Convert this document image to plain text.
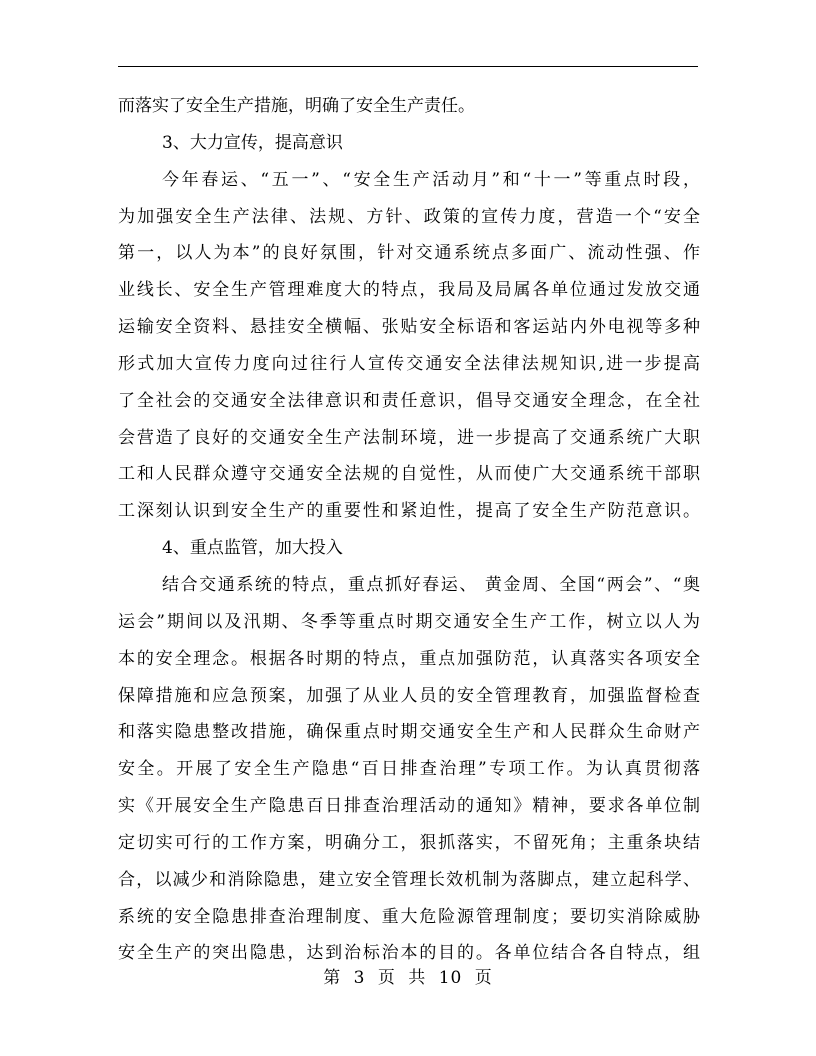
而落实了安全生产措施，明确了安全生产责任。
3、大力宣传，提高意识
今年春运、“五一”、“安全生产活动月”和“十一”等重点时段，
为加强安全生产法律、法规、方针、政策的宣传力度，营造一个“安全
第一，以人为本”的良好氛围，针对交通系统点多面广、流动性强、作
业线长、安全生产管理难度大的特点，我局及局属各单位通过发放交通
运输安全资料、悬挂安全横幅、张贴安全标语和客运站内外电视等多种
形式加大宣传力度向过往行人宣传交通安全法律法规知识,进一步提高
了全社会的交通安全法律意识和责任意识，倡导交通安全理念，在全社
会营造了良好的交通安全生产法制环境，进一步提高了交通系统广大职
工和人民群众遵守交通安全法规的自觉性，从而使广大交通系统干部职
工深刻认识到安全生产的重要性和紧迫性，提高了安全生产防范意识。
4、重点监管，加大投入
结合交通系统的特点，重点抓好春运、 黄金周、全国“两会”、“奥
运会”期间以及汛期、冬季等重点时期交通安全生产工作，树立以人为
本的安全理念。根据各时期的特点，重点加强防范，认真落实各项安全
保障措施和应急预案，加强了从业人员的安全管理教育，加强监督检查
和落实隐患整改措施，确保重点时期交通安全生产和人民群众生命财产
安全。开展了安全生产隐患“百日排查治理”专项工作。为认真贯彻落
实《开展安全生产隐患百日排查治理活动的通知》精神，要求各单位制
定切实可行的工作方案，明确分工，狠抓落实，不留死角；主重条块结
合，以减少和消除隐患，建立安全管理长效机制为落脚点，建立起科学、
系统的安全隐患排查治理制度、重大危险源管理制度；要切实消除威胁
安全生产的突出隐患，达到治标治本的目的。各单位结合各自特点，组
第 3 页 共 10 页
